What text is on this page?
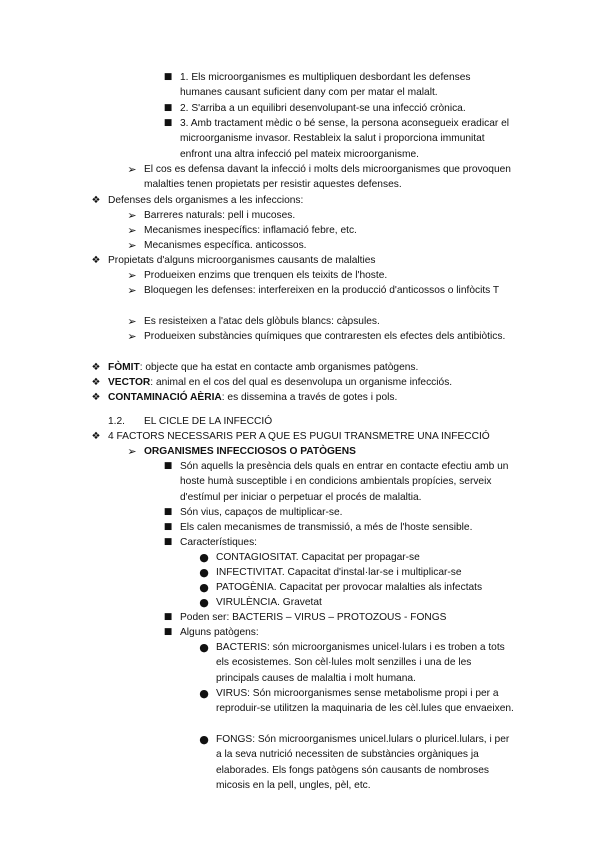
■ 1. Els microorganismes es multipliquen desbordant les defenses humanes causant suficient dany com per matar el malalt.
■ 2. S'arriba a un equilibri desenvolupant-se una infecció crònica.
■ 3. Amb tractament mèdic o bé sense, la persona aconsegueix eradicar el microorganisme invasor. Restableix la salut i proporciona immunitat enfront una altra infecció pel mateix microorganisme.
➢ El cos es defensa davant la infecció i molts dels microorganismes que provoquen malalties tenen propietats per resistir aquestes defenses.
❖ Defenses dels organismes a les infeccions:
➢ Barreres naturals: pell i mucoses.
➢ Mecanismes inespecífics: inflamació febre, etc.
➢ Mecanismes específica. anticossos.
❖ Propietats d'alguns microorganismes causants de malalties
➢ Produeixen enzims que trenquen els teixits de l'hoste.
➢ Bloquegen les defenses: interfereixen en la producció d'anticossos o linfòcits T
➢ Es resisteixen a l'atac dels glòbuls blancs: càpsules.
➢ Produeixen substàncies químiques que contraresten els efectes dels antibiòtics.
❖ FÒMIT: objecte que ha estat en contacte amb organismes patògens.
❖ VECTOR: animal en el cos del qual es desenvolupa un organisme infecciós.
❖ CONTAMINACIÓ AÈRIA: es dissemina a través de gotes i pols.
1.2. EL CICLE DE LA INFECCIÓ
❖ 4 FACTORS NECESSARIS PER A QUE ES PUGUI TRANSMETRE UNA INFECCIÓ
➢ ORGANISMES INFECCIOSOS O PATÒGENS
■ Són aquells la presència dels quals en entrar en contacte efectiu amb un hoste humà susceptible i en condicions ambientals propícies, serveix d'estímul per iniciar o perpetuar el procés de malaltia.
■ Són vius, capaços de multiplicar-se.
■ Els calen mecanismes de transmissió, a més de l'hoste sensible.
■ Característiques:
● CONTAGIOSITAT. Capacitat per propagar-se
● INFECTIVITAT. Capacitat d'instal·lar-se i multiplicar-se
● PATOGÈNIA. Capacitat per provocar malalties als infectats
● VIRULÈNCIA. Gravetat
■ Poden ser: BACTERIS – VIRUS – PROTOZOUS - FONGS
■ Alguns patògens:
● BACTERIS: són microorganismes unicel·lulars i es troben a tots els ecosistemes. Son cèl·lules molt senzilles i una de les principals causes de malaltia i molt humana.
● VIRUS: Són microorganismes sense metabolisme propi i per a reproduir-se utilitzen la maquinaria de les cèl.lules que envaeixen.
● FONGS: Són microorganismes unicel.lulars o pluricel.lulars, i per a la seva nutrició necessiten de substàncies orgàniques ja elaborades. Els fongs patògens són causants de nombroses micosis en la pell, ungles, pèl, etc.
